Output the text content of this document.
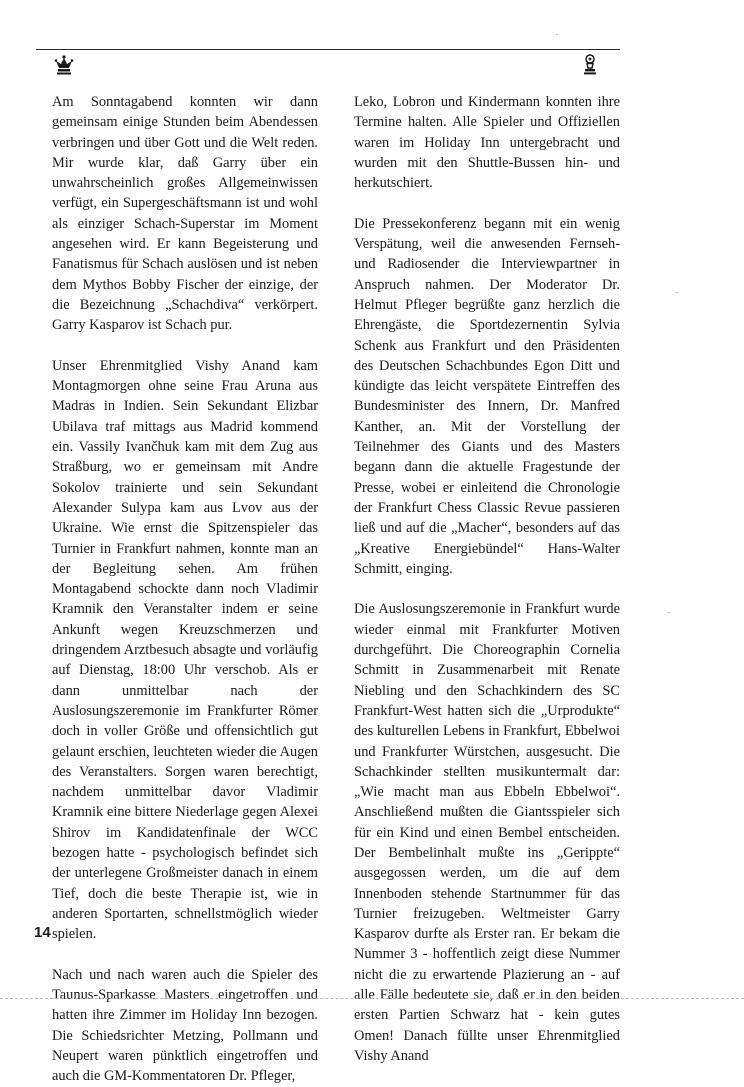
Am Sonntagabend konnten wir dann gemeinsam einige Stunden beim Abendessen verbringen und über Gott und die Welt reden. Mir wurde klar, daß Garry über ein unwahrscheinlich großes Allgemeinwissen verfügt, ein Supergeschäftsmann ist und wohl als einziger Schach-Superstar im Moment angesehen wird. Er kann Begeisterung und Fanatismus für Schach auslösen und ist neben dem Mythos Bobby Fischer der einzige, der die Bezeichnung „Schachdiva“ verkörpert. Garry Kasparov ist Schach pur.

Unser Ehrenmitglied Vishy Anand kam Montagmorgen ohne seine Frau Aruna aus Madras in Indien. Sein Sekundant Elizbar Ubilava traf mittags aus Madrid kommend ein. Vassily Ivančhuk kam mit dem Zug aus Straßburg, wo er gemeinsam mit Andre Sokolov trainierte und sein Sekundant Alexander Sulypa kam aus Lvov aus der Ukraine. Wie ernst die Spitzenspieler das Turnier in Frankfurt nahmen, konnte man an der Begleitung sehen. Am frühen Montagabend schockte dann noch Vladimir Kramnik den Veranstalter indem er seine Ankunft wegen Kreuzschmerzen und dringendem Arztbesuch absagte und vorläufig auf Dienstag, 18:00 Uhr verschob. Als er dann unmittelbar nach der Auslosungszeremonie im Frankfurter Römer doch in voller Größe und offensichtlich gut gelaunt erschien, leuchteten wieder die Augen des Veranstalters. Sorgen waren berechtigt, nachdem unmittelbar davor Vladimir Kramnik eine bittere Niederlage gegen Alexei Shirov im Kandidatenfinale der WCC bezogen hatte - psychologisch befindet sich der unterlegene Großmeister danach in einem Tief, doch die beste Therapie ist, wie in anderen Sportarten, schnellstmöglich wieder spielen.

Nach und nach waren auch die Spieler des Taunus-Sparkasse Masters eingetroffen und hatten ihre Zimmer im Holiday Inn bezogen. Die Schiedsrichter Metzing, Pollmann und Neupert waren pünktlich eingetroffen und auch die GM-Kommentatoren Dr. Pfleger,

Leko, Lobron und Kindermann konnten ihre Termine halten. Alle Spieler und Offiziellen waren im Holiday Inn untergebracht und wurden mit den Shuttle-Bussen hin- und herkutschiert.

Die Pressekonferenz begann mit ein wenig Verspätung, weil die anwesenden Fernseh- und Radiosender die Interviewpartner in Anspruch nahmen. Der Moderator Dr. Helmut Pfleger begrüßte ganz herzlich die Ehrengäste, die Sportdezernentin Sylvia Schenk aus Frankfurt und den Präsidenten des Deutschen Schachbundes Egon Ditt und kündigte das leicht verspätete Eintreffen des Bundesminister des Innern, Dr. Manfred Kanther, an. Mit der Vorstellung der Teilnehmer des Giants und des Masters begann dann die aktuelle Fragestunde der Presse, wobei er einleitend die Chronologie der Frankfurt Chess Classic Revue passieren ließ und auf die „Macher“, besonders auf das „Kreative Energiebündel“ Hans-Walter Schmitt, einging.

Die Auslosungszeremonie in Frankfurt wurde wieder einmal mit Frankfurter Motiven durchgeführt. Die Choreographin Cornelia Schmitt in Zusammenarbeit mit Renate Niebling und den Schachkindern des SC Frankfurt-West hatten sich die „Urprodukte“ des kulturellen Lebens in Frankfurt, Ebbelwoi und Frankfurter Würstchen, ausgesucht. Die Schachkinder stellten musikuntermalt dar: „Wie macht man aus Ebbeln Ebbelwoi“. Anschließend mußten die Giantsspieler sich für ein Kind und einen Bembel entscheiden. Der Bembelinhalt mußte ins „Gerippte“ ausgegossen werden, um die auf dem Innenboden stehende Startnummer für das Turnier freizugeben. Weltmeister Garry Kasparov durfte als Erster ran. Er bekam die Nummer 3 - hoffentlich zeigt diese Nummer nicht die zu erwartende Plazierung an - auf alle Fälle bedeutete sie, daß er in den beiden ersten Partien Schwarz hat - kein gutes Omen! Danach füllte unser Ehrenmitglied Vishy Anand

14
